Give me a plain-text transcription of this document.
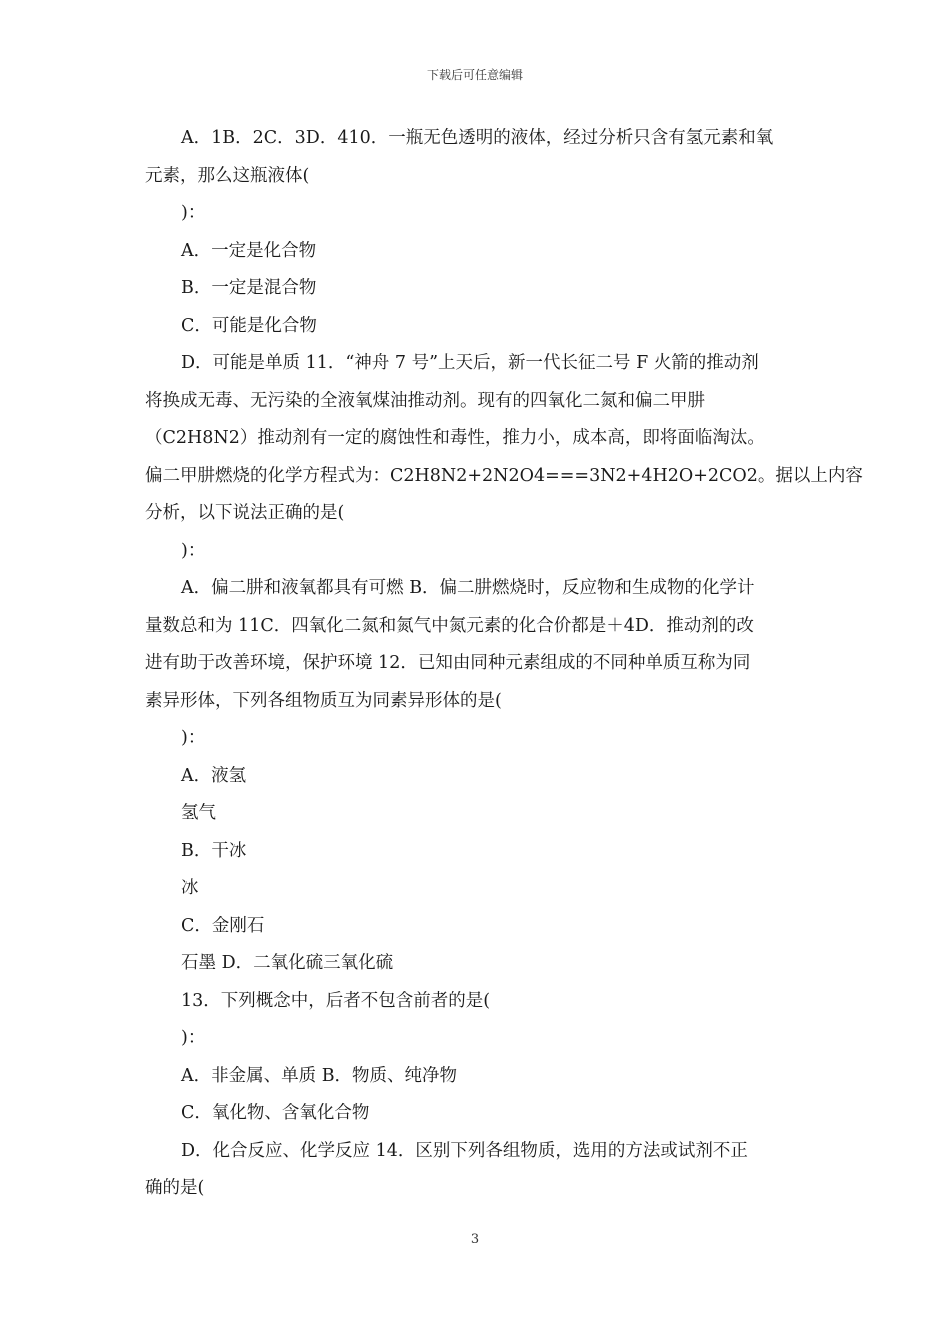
下载后可任意编辑
A．1B．2C．3D．410．一瓶无色透明的液体，经过分析只含有氢元素和氧
元素，那么这瓶液体(
)：
A．一定是化合物
B．一定是混合物
C．可能是化合物
D．可能是单质 11．“神舟 7 号”上天后，新一代长征二号 F 火箭的推动剂
将换成无毒、无污染的全液氧煤油推动剂。现有的四氧化二氮和偏二甲肼
（C2H8N2）推动剂有一定的腐蚀性和毒性，推力小，成本高，即将面临淘汰。
偏二甲肼燃烧的化学方程式为：C2H8N2+2N2O4===3N2+4H2O+2CO2。据以上内容
分析，以下说法正确的是(
)：
A．偏二肼和液氧都具有可燃 B．偏二肼燃烧时，反应物和生成物的化学计
量数总和为 11C．四氧化二氮和氮气中氮元素的化合价都是＋4D．推动剂的改
进有助于改善环境，保护环境 12．已知由同种元素组成的不同种单质互称为同
素异形体，下列各组物质互为同素异形体的是(
)：
A．液氢
氢气
B．干冰
冰
C．金刚石
石墨 D．二氧化硫三氧化硫
13．下列概念中，后者不包含前者的是(
)：
A．非金属、单质 B．物质、纯净物
C．氧化物、含氧化合物
D．化合反应、化学反应 14．区别下列各组物质，选用的方法或试剂不正
确的是(
3
